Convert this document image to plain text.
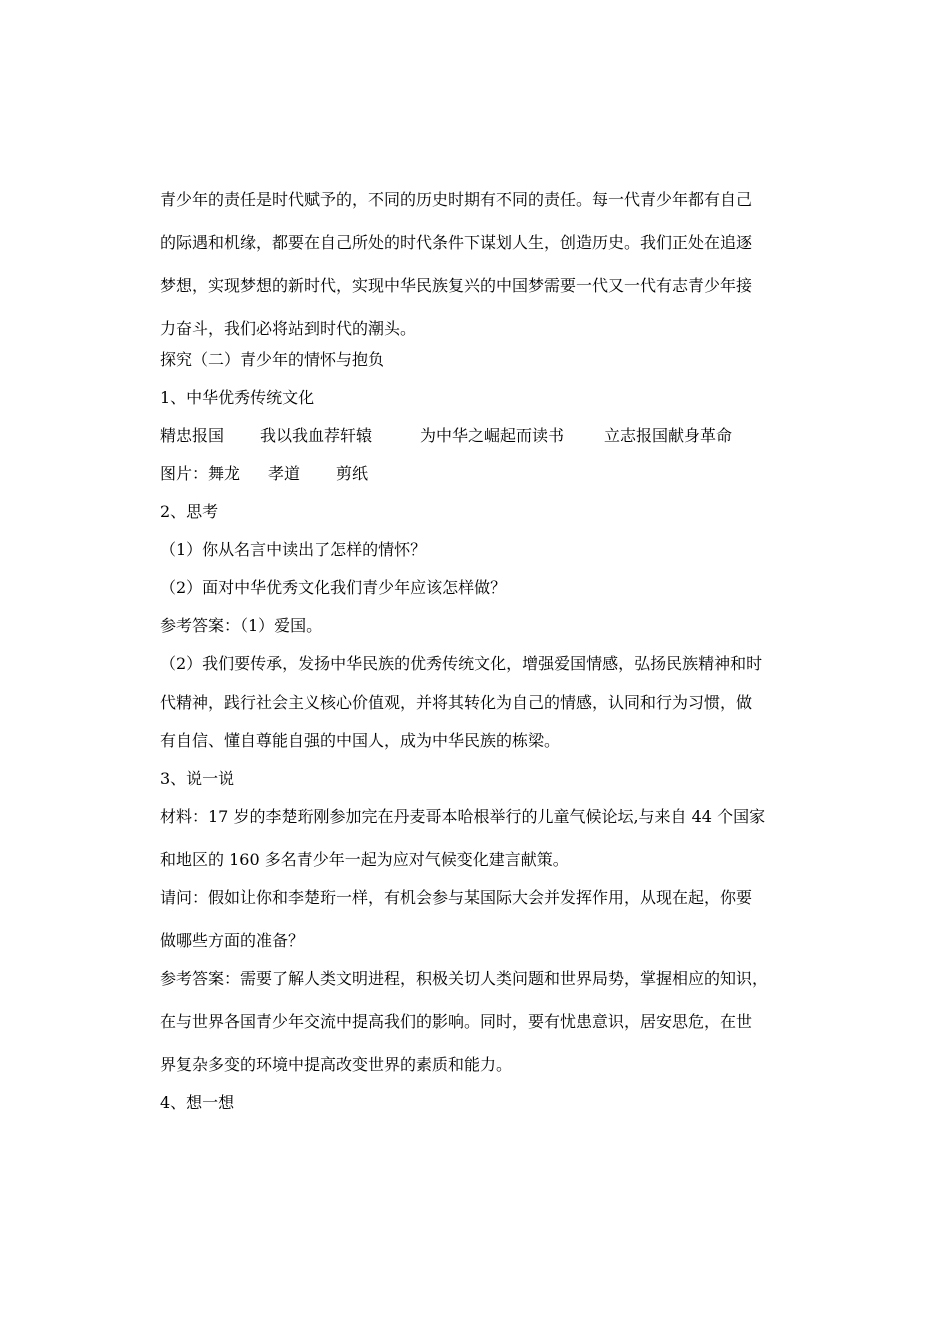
青少年的责任是时代赋予的，不同的历史时期有不同的责任。每一代青少年都有自己
的际遇和机缘，都要在自己所处的时代条件下谋划人生，创造历史。我们正处在追逐
梦想，实现梦想的新时代，实现中华民族复兴的中国梦需要一代又一代有志青少年接
力奋斗，我们必将站到时代的潮头。
探究（二）青少年的情怀与抱负
1、中华优秀传统文化

精忠报国

我以我血荐轩辕

	为中华之崛起而读书

立志报国献身革命

图片：舞龙

孝道

剪纸

2、思考
（1）你从名言中读出了怎样的情怀？
（2）面对中华优秀文化我们青少年应该怎样做？
参考答案：（1）爱国。
（2）我们要传承，发扬中华民族的优秀传统文化，增强爱国情感，弘扬民族精神和时
代精神，践行社会主义核心价值观，并将其转化为自己的情感，认同和行为习惯，做
有自信、懂自尊能自强的中国人，成为中华民族的栋梁。
3、说一说
材料：17 岁的李楚珩刚参加完在丹麦哥本哈根举行的儿童气候论坛,与来自 44 个国家
和地区的 160 多名青少年一起为应对气候变化建言献策。
请问：假如让你和李楚珩一样，有机会参与某国际大会并发挥作用，从现在起，你要
做哪些方面的准备？
参考答案：需要了解人类文明进程，积极关切人类问题和世界局势，掌握相应的知识，
在与世界各国青少年交流中提高我们的影响。同时，要有忧患意识，居安思危，在世
界复杂多变的环境中提高改变世界的素质和能力。
4、想一想
